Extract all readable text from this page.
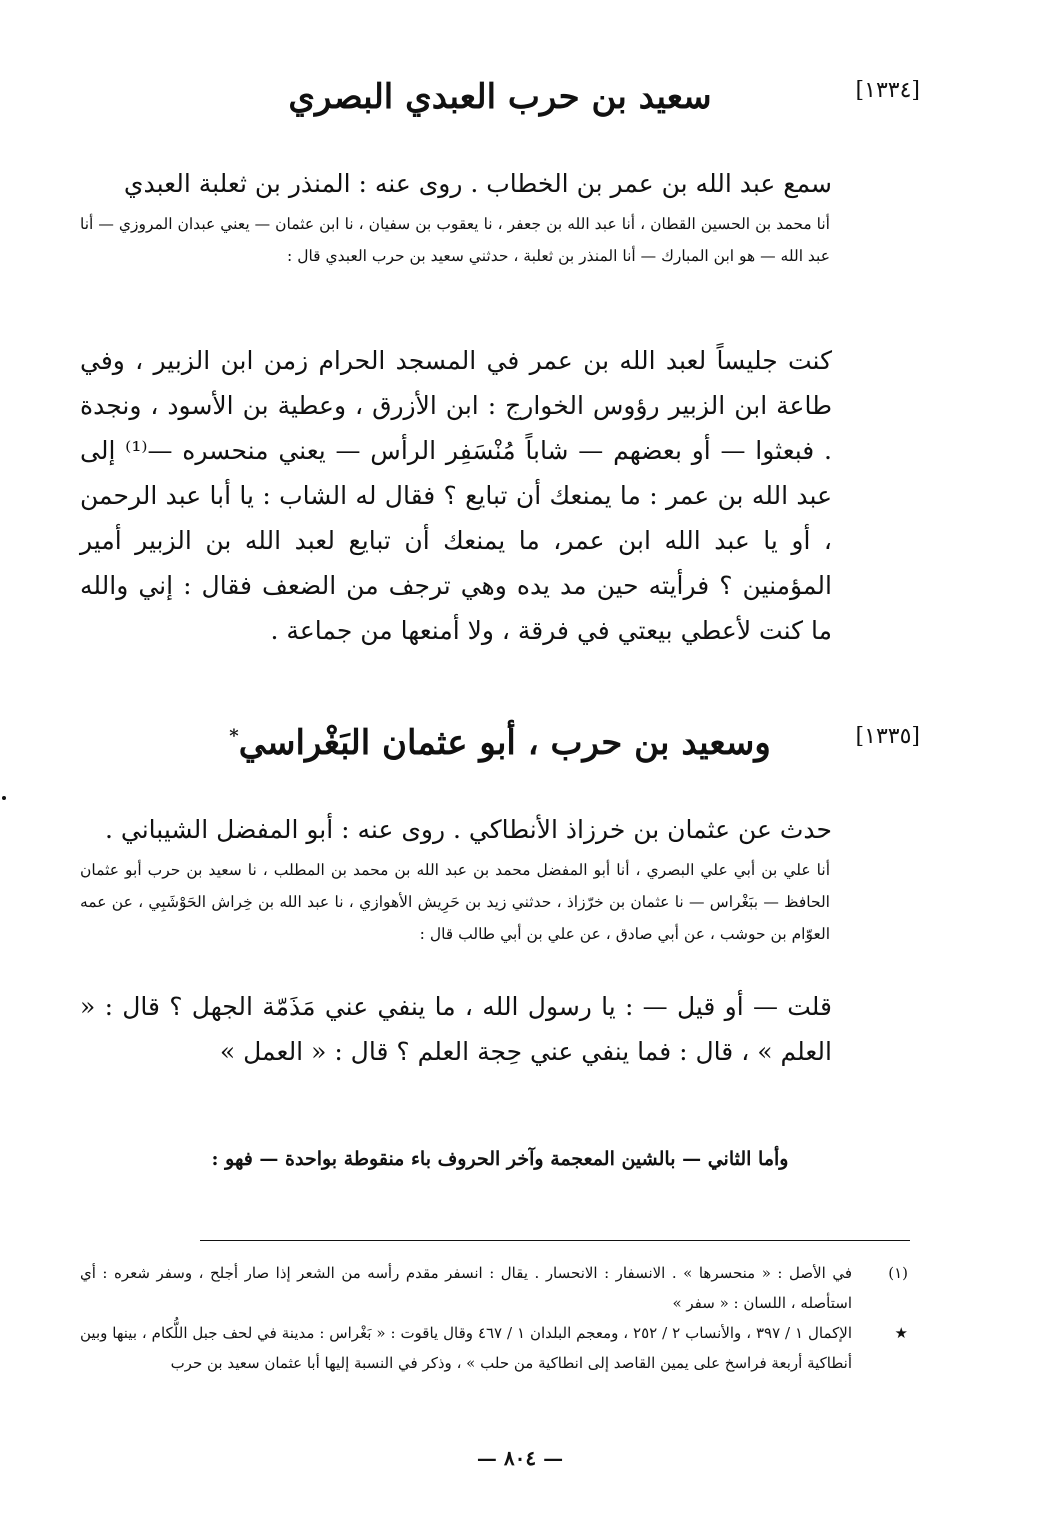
[١٣٣٤]
سعيد بن حرب العبدي البصري
سمع عبد الله بن عمر بن الخطاب . روى عنه : المنذر بن ثعلبة العبدي
أنا محمد بن الحسين القطان ، أنا عبد الله بن جعفر ، نا يعقوب بن سفيان ، نا ابن عثمان — يعني عبدان المروزي — أنا عبد الله — هو ابن المبارك — أنا المنذر بن ثعلبة ، حدثني سعيد بن حرب العبدي قال :
كنت جليساً لعبد الله بن عمر في المسجد الحرام زمن ابن الزبير ، وفي طاعة ابن الزبير رؤوس الخوارج : ابن الأزرق ، وعطية بن الأسود ، ونجدة . فبعثوا — أو بعضهم — شاباً مُنْسَفِر الرأس — يعني منحسره —⁽¹⁾ إلى عبد الله بن عمر : ما يمنعك أن تبايع ؟ فقال له الشاب : يا أبا عبد الرحمن ، أو يا عبد الله ابن عمر، ما يمنعك أن تبايع لعبد الله بن الزبير أمير المؤمنين ؟ فرأيته حين مد يده وهي ترجف من الضعف فقال : إني والله ما كنت لأعطي بيعتي في فرقة ، ولا أمنعها من جماعة .
[١٣٣٥]
وسعيد بن حرب ، أبو عثمان البَغْراسي*
حدث عن عثمان بن خرزاذ الأنطاكي . روى عنه : أبو المفضل الشيباني .
أنا علي بن أبي علي البصري ، أنا أبو المفضل محمد بن عبد الله بن محمد بن المطلب ، نا سعيد بن حرب أبو عثمان الحافظ — ببَغْراس — نا عثمان بن خرّزاذ ، حدثني زيد بن حَرِيش الأهوازي ، نا عبد الله بن خِراش الحَوْشَبِي ، عن عمه العوّام بن حوشب ، عن أبي صادق ، عن علي بن أبي طالب قال :
قلت — أو قيل — : يا رسول الله ، ما ينفي عني مَذَمّة الجهل ؟ قال : « العلم » ، قال : فما ينفي عني حِجة العلم ؟ قال : « العمل »
وأما الثاني — بالشين المعجمة وآخر الحروف باء منقوطة بواحدة — فهو :
(١)
في الأصل : « منحسرها » . الانسفار : الانحسار . يقال : انسفر مقدم رأسه من الشعر إذا صار أجلح ، وسفر شعره : أي استأصله ، اللسان : « سفر »
★
الإكمال ١ / ٣٩٧ ، والأنساب ٢ / ٢٥٢ ، ومعجم البلدان ١ / ٤٦٧ وقال ياقوت : « بَغْراس : مدينة في لحف جبل اللُّكام ، بينها وبين أنطاكية أربعة فراسخ على يمين القاصد إلى انطاكية من حلب » ، وذكر في النسبة إليها أبا عثمان سعيد بن حرب
— ٨٠٤ —
